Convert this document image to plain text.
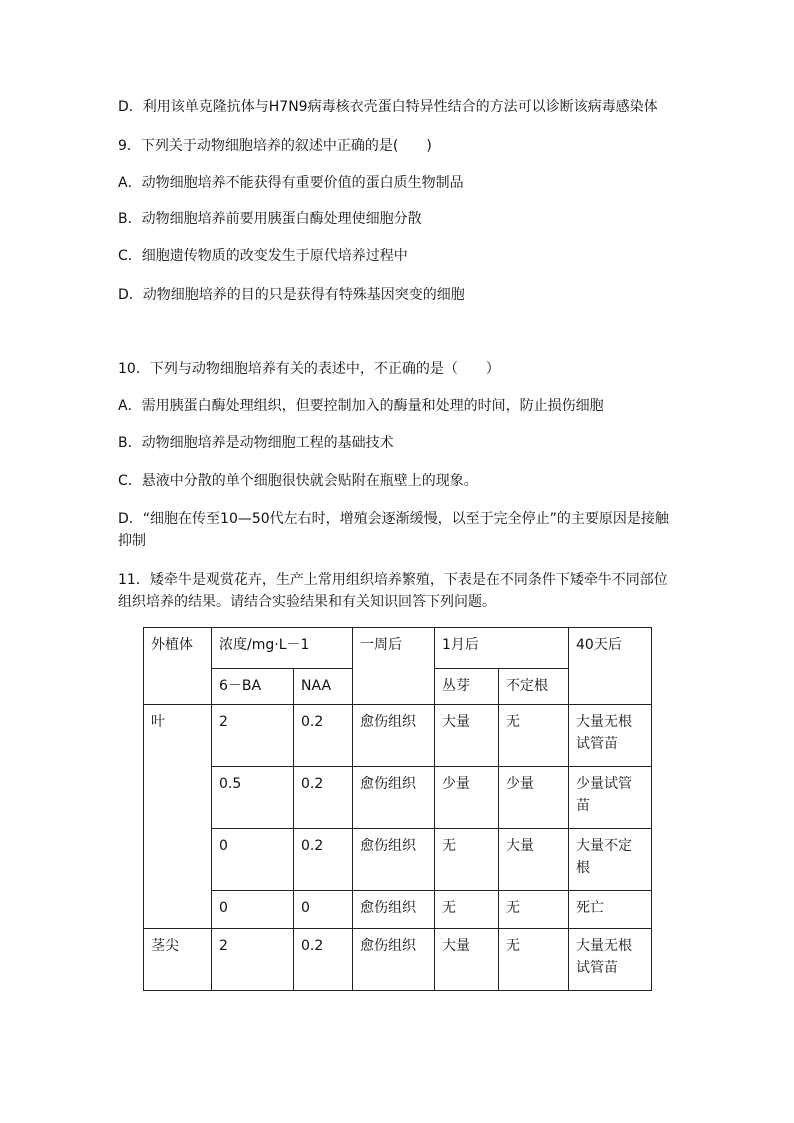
D．利用该单克隆抗体与H7N9病毒核衣壳蛋白特异性结合的方法可以诊断该病毒感染体
9．下列关于动物细胞培养的叙述中正确的是(　　)
A．动物细胞培养不能获得有重要价值的蛋白质生物制品
B．动物细胞培养前要用胰蛋白酶处理使细胞分散
C．细胞遗传物质的改变发生于原代培养过程中
D．动物细胞培养的目的只是获得有特殊基因突变的细胞
10．下列与动物细胞培养有关的表述中，不正确的是（　　）
A．需用胰蛋白酶处理组织，但要控制加入的酶量和处理的时间，防止损伤细胞
B．动物细胞培养是动物细胞工程的基础技术
C．悬液中分散的单个细胞很快就会贴附在瓶壁上的现象。
D．“细胞在传至10—50代左右时，增殖会逐渐缓慢，以至于完全停止”的主要原因是接触抑制
11．矮牵牛是观赏花卉，生产上常用组织培养繁殖，下表是在不同条件下矮牵牛不同部位组织培养的结果。请结合实验结果和有关知识回答下列问题。
外植体	浓度/mg·L－1		一周后	1月后		40天后
	6－BA	NAA		丛芽	不定根	
叶	2	0.2	愈伤组织	大量	无	大量无根试管苗
	0.5	0.2	愈伤组织	少量	少量	少量试管苗
	0	0.2	愈伤组织	无	大量	大量不定根
	0	0	愈伤组织	无	无	死亡
茎尖	2	0.2	愈伤组织	大量	无	大量无根试管苗
